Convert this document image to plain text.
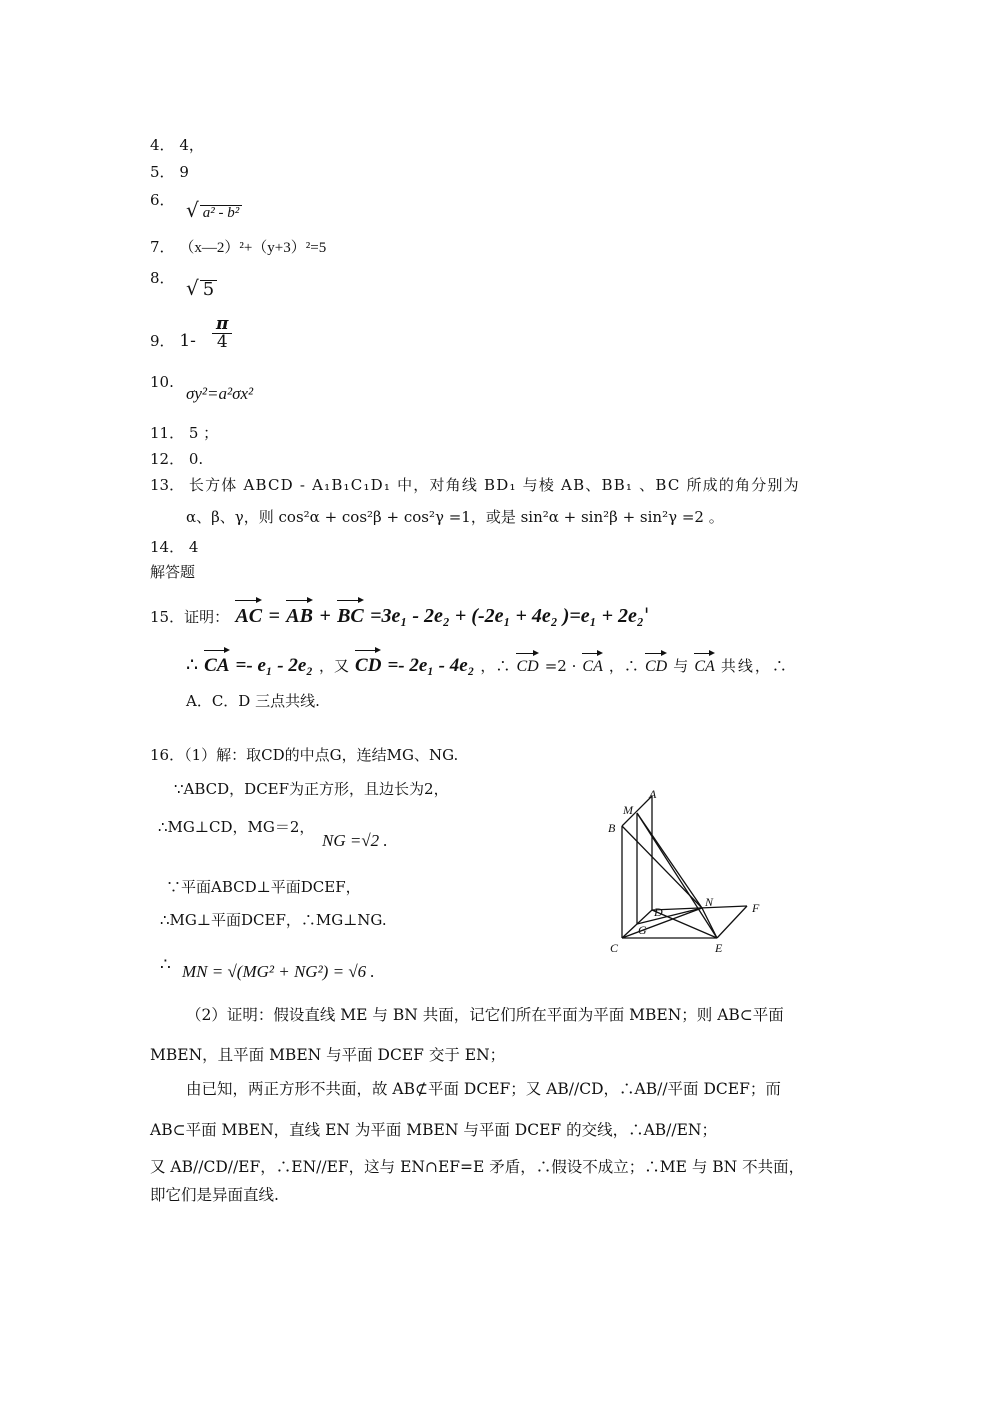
4． 4，
5． 9
6． √ a² - b²
7． （x—2）²+（y+3）²=5
8． √ 5
9． $1- \frac{\pi}{4}$
10.
σy²=a²σx²
11． 5 ；
12． 0.
13． 长方体 ABCD - A₁B₁C₁D₁ 中，对角线 BD₁ 与棱 AB、BB₁ 、BC 所成的角分别为
α、β、γ，则 cos²α + cos²β + cos²γ =1，或是 sin²α + sin²β + sin²γ =2 。
14． 4
解答题
15．证明： AC = AB + BC =3e₁ - 2e₂ + (-2e₁ + 4e₂ )=e₁ + 2e₂'
∴ CA =- e₁ - 2e₂ ，又 CD =- 2e₁ - 4e₂ ，∴ CD =2 · CA ，∴ CD 与 CA 共线，∴
A．C．D 三点共线.
16．（1）解：取CD的中点G，连结MG、NG.
∵ABCD，DCEF为正方形，且边长为2，
∴MG⊥CD，MG＝2，
NG =√2 .
∵平面ABCD⊥平面DCEF，
∴MG⊥平面DCEF，∴MG⊥NG.
∴ MN = √(MG² + NG²) = √6 .
A
M
B
N	F
D
G
C	E
（2）证明：假设直线 ME 与 BN 共面，记它们所在平面为平面 MBEN；则 AB⊂平面
MBEN，且平面 MBEN 与平面 DCEF 交于 EN；
由已知，两正方形不共面，故 AB⊄平面 DCEF；又 AB//CD，∴AB//平面 DCEF；而
AB⊂平面 MBEN，直线 EN 为平面 MBEN 与平面 DCEF 的交线，∴AB//EN；
又 AB//CD//EF，∴EN//EF，这与 EN∩EF=E 矛盾，∴假设不成立；∴ME 与 BN 不共面，
即它们是异面直线.
